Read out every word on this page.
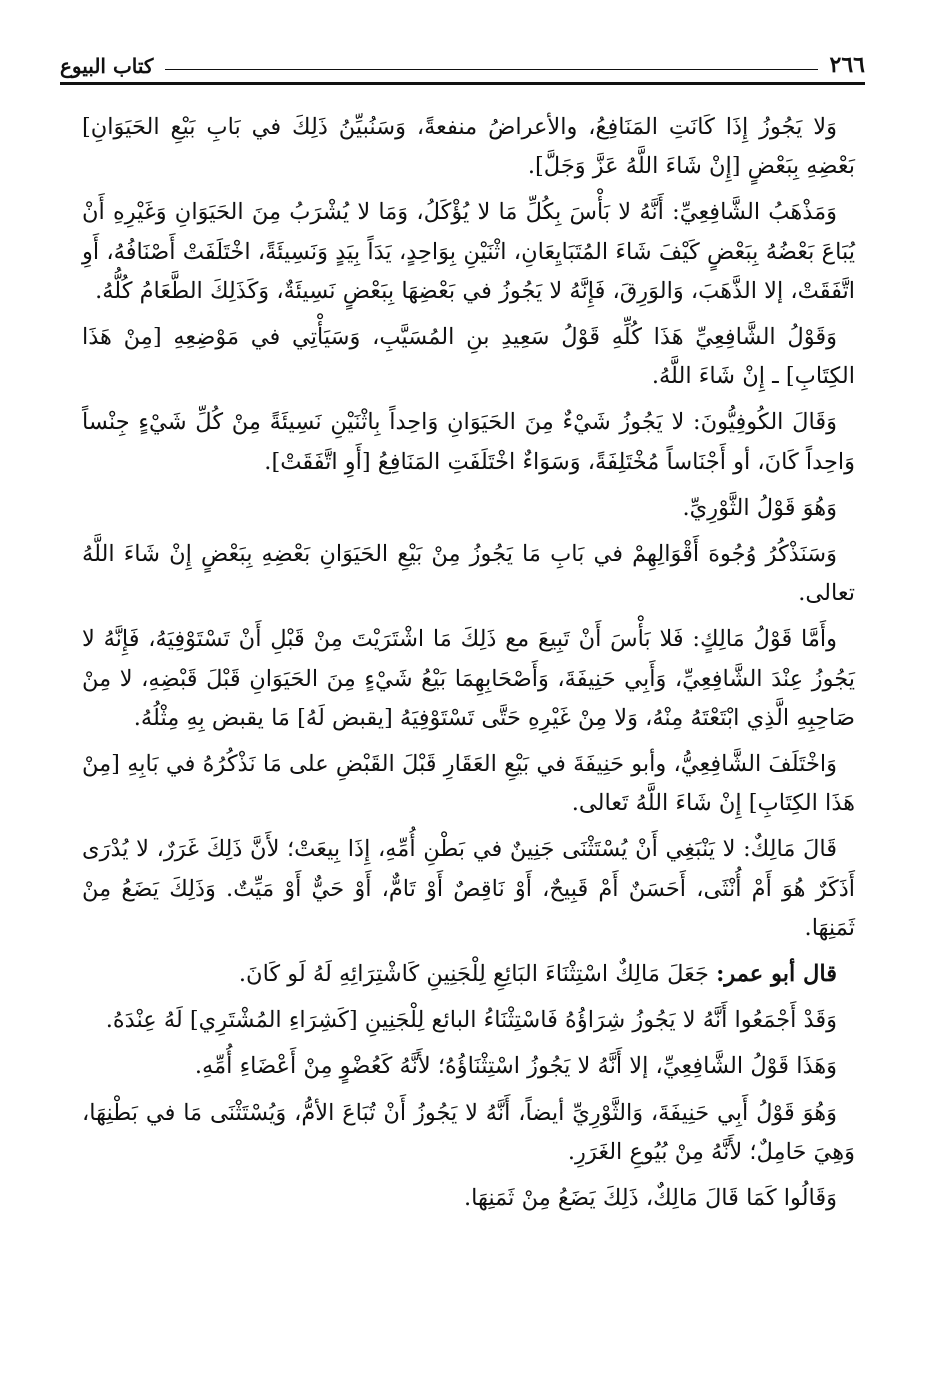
٢٦٦
كتاب البيوع

وَلا يَجُوزُ إِذَا كَانَتِ المَنَافِعُ، والأعراضُ منفعةً، وَسَنُبيِّنُ ذَلِكَ في بَابِ بَيْعِ الحَيَوَانِ] بَعْضِهِ بِبَعْضٍ [إِنْ شَاءَ اللَّهُ عَزَّ وَجَلَّ].

وَمَذْهَبُ الشَّافِعِيِّ: أَنَّهُ لا بَأْسَ بِكُلِّ مَا لا يُؤْكَلُ، وَمَا لا يُشْرَبُ مِنَ الحَيَوَانِ وَغَيْرِهِ أَنْ يُبَاعَ بَعْضُهُ بِبَعْضٍ كَيْفَ شَاءَ المُتَبَايِعَانِ، اثْنَيْنِ بِوَاحِدٍ، يَدَاً بِيَدٍ وَنَسِيئَةً، اخْتَلَفَتْ أَصْنَافُهُ، أَوِ اتَّفَقَتْ، إلا الذَّهَبَ، وَالوَرِقَ، فَإِنَّهُ لا يَجُوزُ في بَعْضِهَا بِبَعْضٍ نَسِيئَةٌ، وَكَذَلِكَ الطَّعَامُ كُلُّهُ.

وَقَوْلُ الشَّافِعِيِّ هَذَا كُلِّهِ قَوْلُ سَعِيدِ بنِ المُسَيَّبِ، وَسَيَأْتِي في مَوْضِعِهِ [مِنْ هَذَا الكِتَابِ] ـ إِنْ شَاءَ اللَّهُ.

وَقَالَ الكُوفِيُّونَ: لا يَجُوزُ شَيْءٌ مِنَ الحَيَوَانِ وَاحِداً بِاثْنَيْنِ نَسِيئَةً مِنْ كُلِّ شَيْءٍ جِنْساً وَاحِداً كَانَ، أو أَجْنَاساً مُخْتَلِفَةً، وَسَوَاءٌ اخْتَلَفَتِ المَنَافِعُ [أَوِ اتَّفَقَتْ].

وَهُوَ قَوْلُ الثَّوْرِيِّ.

وَسَنَذْكُرُ وُجُوهَ أَقْوَالِهِمْ في بَابِ مَا يَجُوزُ مِنْ بَيْعِ الحَيَوَانِ بَعْضِهِ بِبَعْضٍ إِنْ شَاءَ اللَّهُ تعالى.

وأَمَّا قَوْلُ مَالِكٍ: فَلا بَأْسَ أَنْ تَبِيعَ مع ذَلِكَ مَا اشْتَرَيْتَ مِنْ قَبْلِ أَنْ تَسْتَوْفِيَهُ، فَإِنَّهُ لا يَجُوزُ عِنْدَ الشَّافِعِيِّ، وَأَبِي حَنِيفَةَ، وَأَصْحَابِهِمَا بَيْعُ شَيْءٍ مِنَ الحَيَوَانِ قَبْلَ قَبْضِهِ، لا مِنْ صَاحِبِهِ الَّذِي ابْتَعْتَهُ مِنْهُ، وَلا مِنْ غَيْرِهِ حَتَّى تَسْتَوْفِيَهُ [يقبض لَهُ] مَا يقبض بِهِ مِثْلُهُ.

وَاخْتَلَفَ الشَّافِعِيُّ، وأبو حَنِيفَةَ في بَيْعِ العَقَارِ قَبْلَ القَبْضِ على مَا نَذْكُرُهُ في بَابِهِ [مِنْ هَذَا الكِتَابِ] إِنْ شَاءَ اللَّهُ تَعالى.

قَالَ مَالِكٌ: لا يَنْبَغِي أَنْ يُسْتَثْنَى جَنِينٌ في بَطْنِ أُمِّهِ، إِذَا بِيعَتْ؛ لأَنَّ ذَلِكَ غَرَرٌ، لا يُدْرَى أَذَكَرٌ هُوَ أَمْ أُنْثَى، أَحَسَنٌ أَمْ قَبِيحٌ، أَوْ نَاقِصٌ أَوْ تَامٌّ، أَوْ حَيٌّ أَوْ مَيِّتٌ. وَذَلِكَ يَضَعُ مِنْ ثَمَنِهَا.

قال أبو عمر: جَعَلَ مَالِكٌ اسْتِثْنَاءَ البَائِعِ لِلْجَنِينِ كَاشْتِرَائِهِ لَهُ لَو كَانَ.

وَقَدْ أَجْمَعُوا أَنَّهُ لا يَجُوزُ شِرَاؤُهُ فَاسْتِثْنَاءُ البائع لِلْجَنِينِ [كَشِرَاءِ المُشْتَرِي] لَهُ عِنْدَهُ.

وَهَذَا قَوْلُ الشَّافِعِيِّ، إلا أَنَّهُ لا يَجُوزُ اسْتِثْنَاؤُهُ؛ لأَنَّهُ كَعُضْوٍ مِنْ أَعْضَاءِ أُمِّهِ.

وَهُوَ قَوْلُ أَبِي حَنِيفَةَ، وَالثَّوْرِيِّ أيضاً، أَنَّهُ لا يَجُوزُ أَنْ تُبَاعَ الأمُّ، وَيُسْتَثْنَى مَا في بَطْنِهَا، وَهِيَ حَامِلٌ؛ لأَنَّهُ مِنْ بُيُوعِ الغَرَرِ.

وَقَالُوا كَمَا قَالَ مَالِكٌ، ذَلِكَ يَضَعُ مِنْ ثَمَنِهَا.
